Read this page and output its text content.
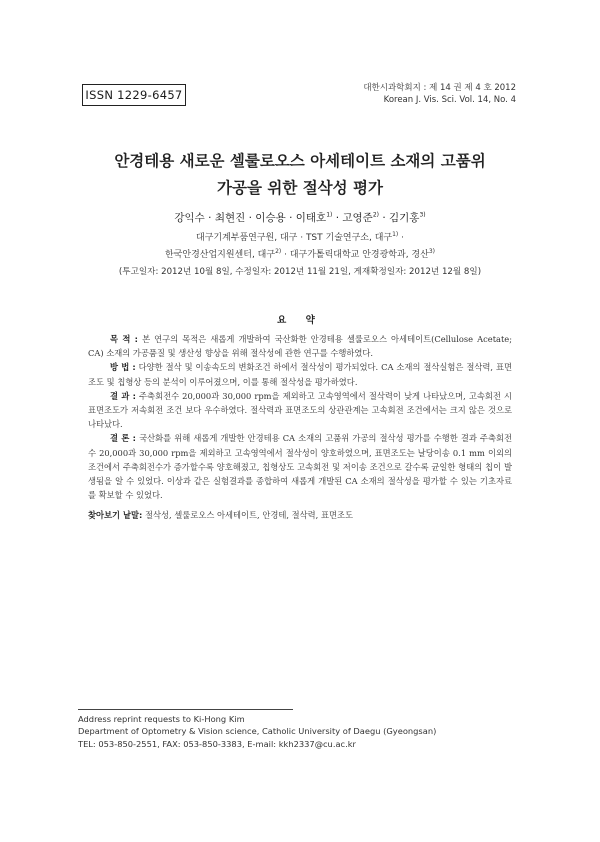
ISSN 1229-6457	대한시과학회지 : 제 14 권 제 4 호 2012
Korean J. Vis. Sci. Vol. 14, No. 4
안경테용 새로운 셀룰로오스 아세테이트 소재의 고품위
가공을 위한 절삭성 평가
강익수 · 최현진 · 이승용 · 이태호$^{1)}$ · 고영준$^{2)}$ · 김기홍$^{3)}$
대구기계부품연구원, 대구 · TST 기술연구소, 대구$^{1)}$ ·
한국안경산업지원센터, 대구$^{2)}$ · 대구가톨릭대학교 안경광학과, 경산$^{3)}$
(투고일자: 2012년 10월 8일, 수정일자: 2012년 11월 21일, 게재확정일자: 2012년 12월 8일)
요 약

목 적 : 본 연구의 목적은 새롭게 개발하여 국산화한 안경테용 셀룰로오스 아세테이트(Cellulose Acetate; CA) 소재의 가공품질 및 생산성 향상을 위해 절삭성에 관한 연구를 수행하였다.

방 법 : 다양한 절삭 및 이송속도의 변화조건 하에서 절삭성이 평가되었다. CA 소재의 절삭실험은 절삭력, 표면조도 및 칩형상 등의 분석이 이루어졌으며, 이를 통해 절삭성을 평가하였다.

결 과 : 주축회전수 20,000과 30,000 rpm을 제외하고 고속영역에서 절삭력이 낮게 나타났으며, 고속회전 시 표면조도가 저속회전 조건 보다 우수하였다. 절삭력과 표면조도의 상관관계는 고속회전 조건에서는 크지 않은 것으로 나타났다.

결 론 : 국산화를 위해 새롭게 개발한 안경테용 CA 소재의 고품위 가공의 절삭성 평가를 수행한 결과 주축회전수 20,000과 30,000 rpm을 제외하고 고속영역에서 절삭성이 양호하였으며, 표면조도는 날당이송 0.1 mm 이외의 조건에서 주축회전수가 증가할수록 양호해졌고, 칩형상도 고속회전 및 저이송 조건으로 갈수록 균일한 형태의 칩이 발생됨을 알 수 있었다. 이상과 같은 실험결과를 종합하여 새롭게 개발된 CA 소재의 절삭성을 평가할 수 있는 기초자료를 확보할 수 있었다.

찾아보기 낱말: 절삭성, 셀룰로오스 아세테이트, 안경테, 절삭력, 표면조도
Address reprint requests to Ki-Hong Kim
Department of Optometry & Vision science, Catholic University of Daegu (Gyeongsan)
TEL: 053-850-2551, FAX: 053-850-3383, E-mail: kkh2337@cu.ac.kr
